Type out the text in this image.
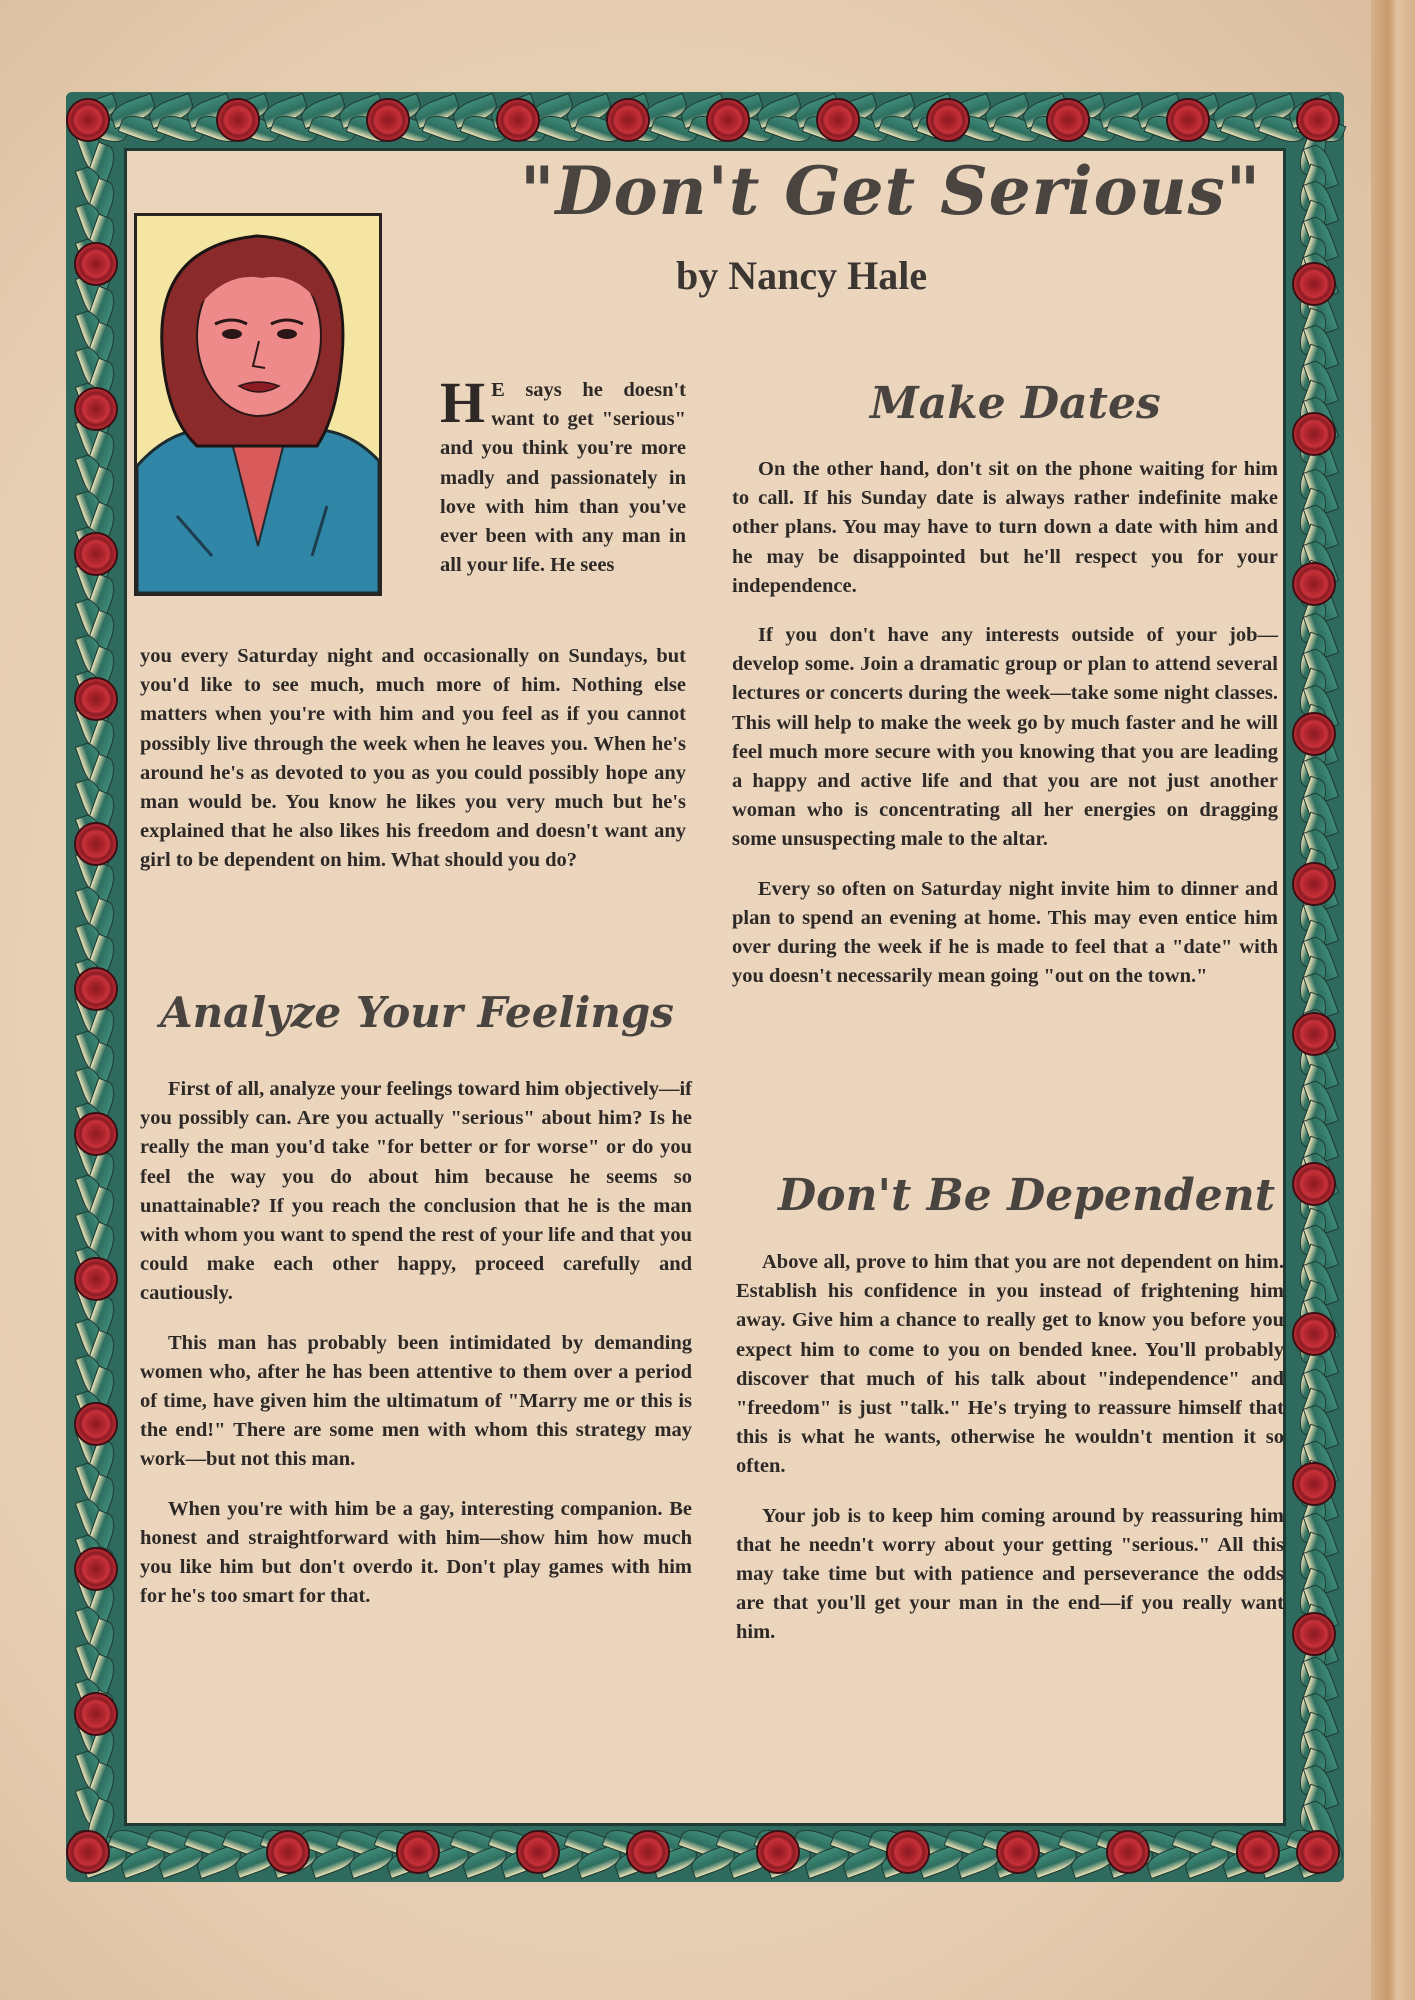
"Don't Get Serious"
by Nancy Hale

H E says he doesn't want to get "serious" and you think you're more madly and passionately in love with him than you've ever been with any man in all your life. He sees

you every Saturday night and occasionally on Sundays, but you'd like to see much, much more of him. Nothing else matters when you're with him and you feel as if you cannot possibly live through the week when he leaves you. When he's around he's as devoted to you as you could possibly hope any man would be. You know he likes you very much but he's explained that he also likes his freedom and doesn't want any girl to be dependent on him. What should you do?

Analyze Your Feelings

First of all, analyze your feelings toward him objectively—if you possibly can. Are you actually "serious" about him? Is he really the man you'd take "for better or for worse" or do you feel the way you do about him because he seems so unattainable? If you reach the conclusion that he is the man with whom you want to spend the rest of your life and that you could make each other happy, proceed carefully and cautiously.

This man has probably been intimidated by demanding women who, after he has been attentive to them over a period of time, have given him the ultimatum of "Marry me or this is the end!" There are some men with whom this strategy may work—but not this man.

When you're with him be a gay, interesting companion. Be honest and straightforward with him—show him how much you like him but don't overdo it. Don't play games with him for he's too smart for that.

Make Dates

On the other hand, don't sit on the phone waiting for him to call. If his Sunday date is always rather indefinite make other plans. You may have to turn down a date with him and he may be disappointed but he'll respect you for your independence.

If you don't have any interests outside of your job—develop some. Join a dramatic group or plan to attend several lectures or concerts during the week—take some night classes. This will help to make the week go by much faster and he will feel much more secure with you knowing that you are leading a happy and active life and that you are not just another woman who is concentrating all her energies on dragging some unsuspecting male to the altar.

Every so often on Saturday night invite him to dinner and plan to spend an evening at home. This may even entice him over during the week if he is made to feel that a "date" with you doesn't necessarily mean going "out on the town."

Don't Be Dependent

Above all, prove to him that you are not dependent on him. Establish his confidence in you instead of frightening him away. Give him a chance to really get to know you before you expect him to come to you on bended knee. You'll probably discover that much of his talk about "independence" and "freedom" is just "talk." He's trying to reassure himself that this is what he wants, otherwise he wouldn't mention it so often.

Your job is to keep him coming around by reassuring him that he needn't worry about your getting "serious." All this may take time but with patience and perseverance the odds are that you'll get your man in the end—if you really want him.
